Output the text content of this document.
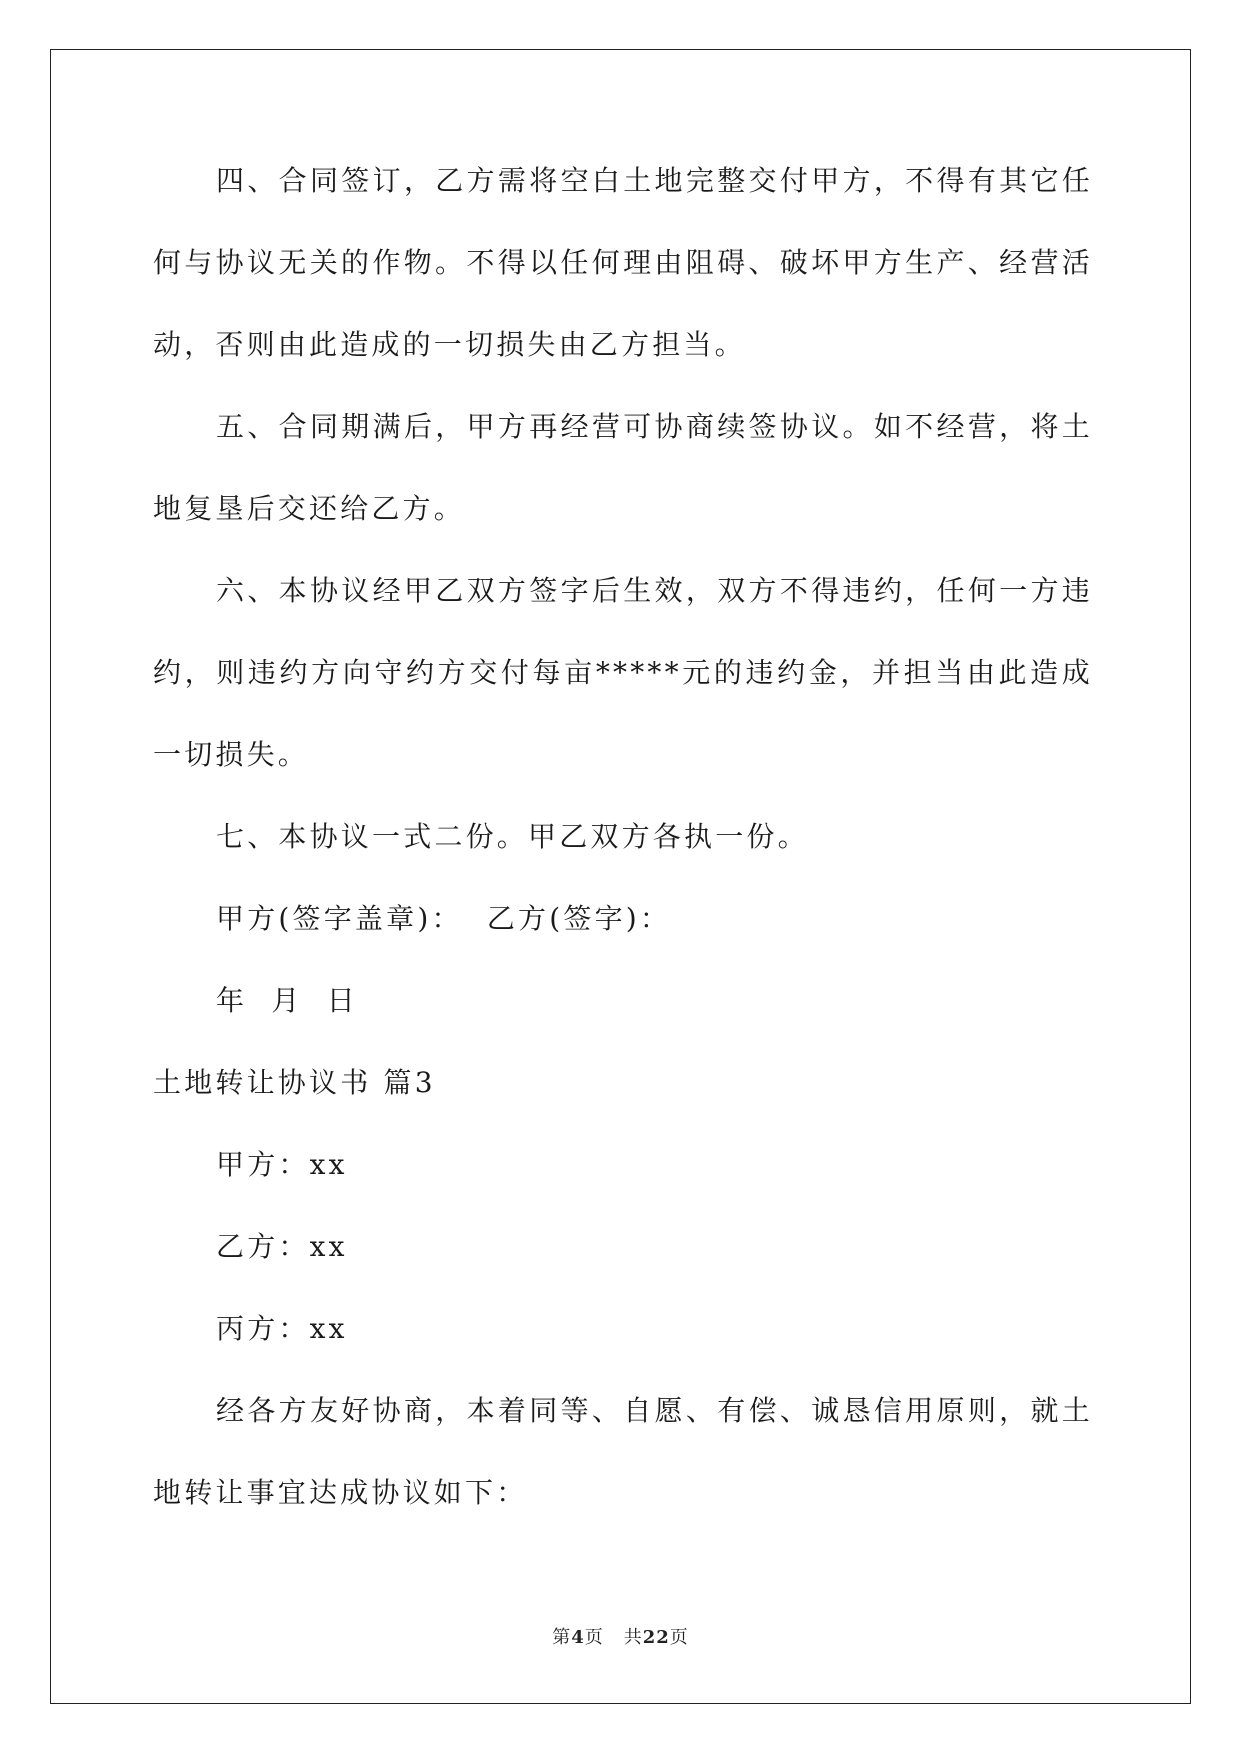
四、合同签订，乙方需将空白土地完整交付甲方，不得有其它任何与协议无关的作物。不得以任何理由阻碍、破坏甲方生产、经营活动，否则由此造成的一切损失由乙方担当。

五、合同期满后，甲方再经营可协商续签协议。如不经营，将土地复垦后交还给乙方。

六、本协议经甲乙双方签字后生效，双方不得违约，任何一方违约，则违约方向守约方交付每亩*****元的违约金，并担当由此造成一切损失。

七、本协议一式二份。甲乙双方各执一份。

甲方(签字盖章)：  乙方(签字)：

年  月  日

土地转让协议书 篇3

甲方：xx

乙方：xx

丙方：xx

经各方友好协商，本着同等、自愿、有偿、诚恳信用原则，就土地转让事宜达成协议如下：

第4页 共22页
